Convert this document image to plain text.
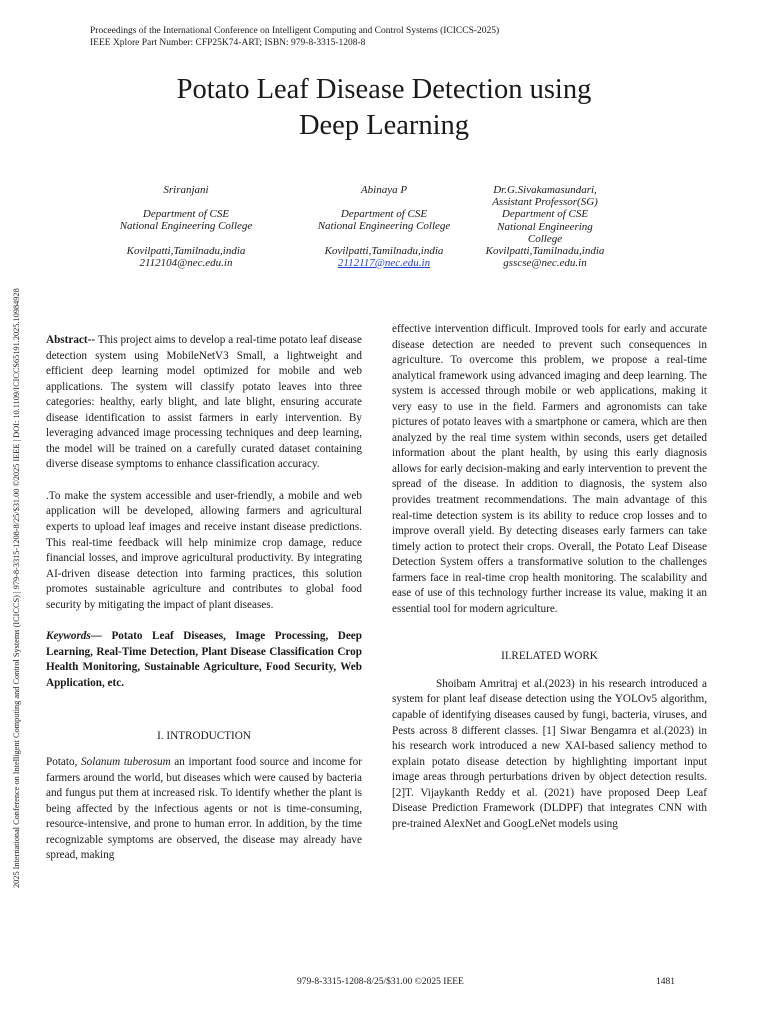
Proceedings of the International Conference on Intelligent Computing and Control Systems (ICICCS-2025)
IEEE Xplore Part Number: CFP25K74-ART; ISBN: 979-8-3315-1208-8
2025 International Conference on Intelligent Computing and Control Systems (ICICCS) | 979-8-3315-1208-8/25/$31.00 ©2025 IEEE | DOI: 10.1109/ICICCS65191.2025.10984928
Potato Leaf Disease Detection using
Deep Learning
Sriranjani
Department of CSE
National Engineering College
Kovilpatti,Tamilnadu,india
2112104@nec.edu.in
Abinaya P
Department of CSE
National Engineering College
Kovilpatti,Tamilnadu,india
2112117@nec.edu.in
Dr.G.Sivakamasundari,
Assistant Professor(SG)
Department of CSE
National Engineering
College
Kovilpatti,Tamilnadu,india
gsscse@nec.edu.in

Abstract-- This project aims to develop a real-time potato leaf disease detection system using MobileNetV3 Small, a lightweight and efficient deep learning model optimized for mobile and web applications. The system will classify potato leaves into three categories: healthy, early blight, and late blight, ensuring accurate disease identification to assist farmers in early intervention. By leveraging advanced image processing techniques and deep learning, the model will be trained on a carefully curated dataset containing diverse disease symptoms to enhance classification accuracy.

.To make the system accessible and user-friendly, a mobile and web application will be developed, allowing farmers and agricultural experts to upload leaf images and receive instant disease predictions. This real-time feedback will help minimize crop damage, reduce financial losses, and improve agricultural productivity. By integrating AI-driven disease detection into farming practices, this solution promotes sustainable agriculture and contributes to global food security by mitigating the impact of plant diseases.

Keywords— Potato Leaf Diseases, Image Processing, Deep Learning, Real-Time Detection, Plant Disease Classification Crop Health Monitoring, Sustainable Agriculture, Food Security, Web Application, etc.

I. INTRODUCTION

Potato, Solanum tuberosum an important food source and income for farmers around the world, but diseases which were caused by bacteria and fungus put them at increased risk. To identify whether the plant is being affected by the infectious agents or not is time-consuming, resource-intensive, and prone to human error. In addition, by the time recognizable symptoms are observed, the disease may already have spread, making

effective intervention difficult. Improved tools for early and accurate disease detection are needed to prevent such consequences in agriculture. To overcome this problem, we propose a real-time analytical framework using advanced imaging and deep learning. The system is accessed through mobile or web applications, making it very easy to use in the field. Farmers and agronomists can take pictures of potato leaves with a smartphone or camera, which are then analyzed by the real time system within seconds, users get detailed information about the plant health, by using this early diagnosis allows for early decision-making and early intervention to prevent the spread of the disease. In addition to diagnosis, the system also provides treatment recommendations. The main advantage of this real-time detection system is its ability to reduce crop losses and to improve overall yield. By detecting diseases early farmers can take timely action to protect their crops. Overall, the Potato Leaf Disease Detection System offers a transformative solution to the challenges farmers face in real-time crop health monitoring. The scalability and ease of use of this technology further increase its value, making it an essential tool for modern agriculture.

II.RELATED WORK

Shoibam Amritraj et al.(2023) in his research introduced a system for plant leaf disease detection using the YOLOv5 algorithm, capable of identifying diseases caused by fungi, bacteria, viruses, and Pests across 8 different classes. [1] Siwar Bengamra et al.(2023) in his research work introduced a new XAI-based saliency method to explain potato disease detection by highlighting important input image areas through perturbations driven by object detection results. [2]T. Vijaykanth Reddy et al. (2021) have proposed Deep Leaf Disease Prediction Framework (DLDPF) that integrates CNN with pre-trained AlexNet and GoogLeNet models using

979-8-3315-1208-8/25/$31.00 ©2025 IEEE	1481
